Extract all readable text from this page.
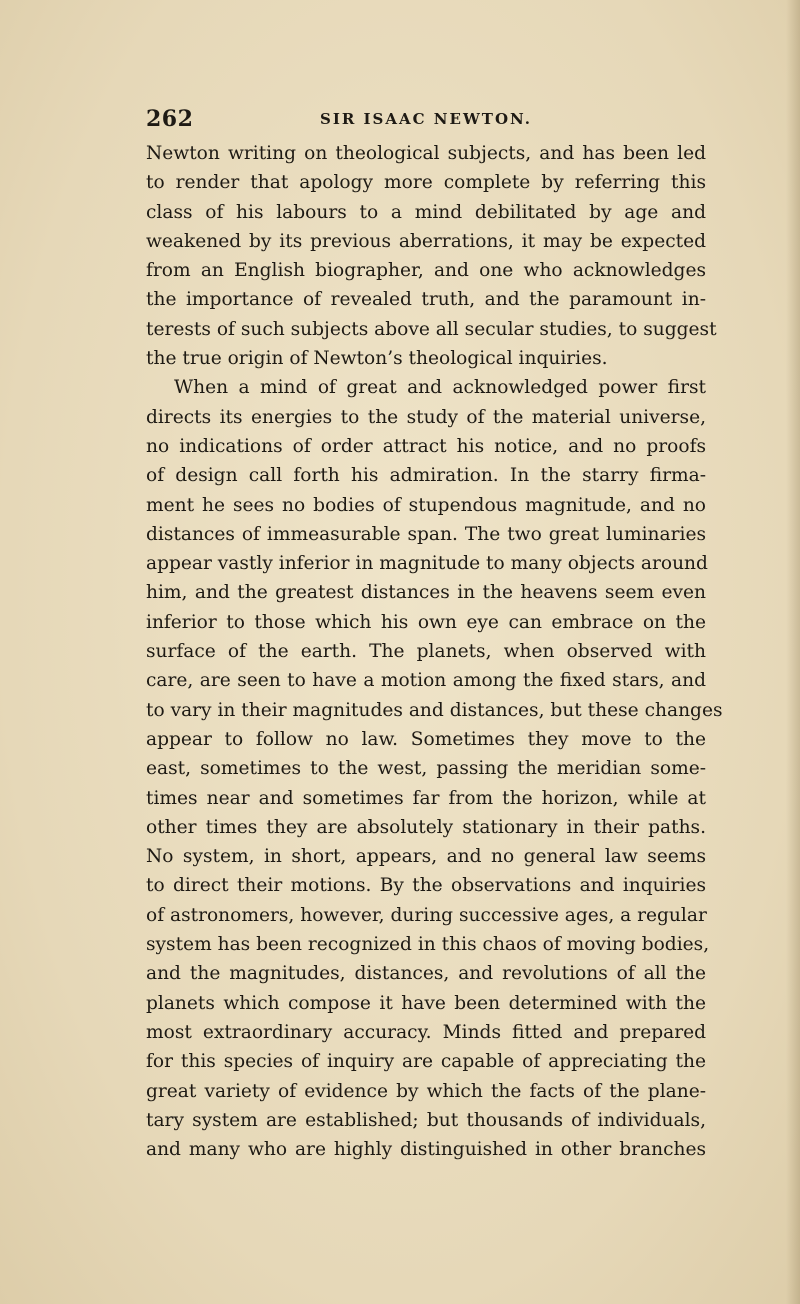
262	SIR ISAAC NEWTON.
Newton writing on theological subjects, and has been led
to render that apology more complete by referring this
class of his labours to a mind debilitated by age and
weakened by its previous aberrations, it may be expected
from an English biographer, and one who acknowledges
the importance of revealed truth, and the paramount in-
terests of such subjects above all secular studies, to suggest
the true origin of Newton’s theological inquiries.
When a mind of great and acknowledged power first
directs its energies to the study of the material universe,
no indications of order attract his notice, and no proofs
of design call forth his admiration. In the starry firma-
ment he sees no bodies of stupendous magnitude, and no
distances of immeasurable span. The two great luminaries
appear vastly inferior in magnitude to many objects around
him, and the greatest distances in the heavens seem even
inferior to those which his own eye can embrace on the
surface of the earth. The planets, when observed with
care, are seen to have a motion among the fixed stars, and
to vary in their magnitudes and distances, but these changes
appear to follow no law. Sometimes they move to the
east, sometimes to the west, passing the meridian some-
times near and sometimes far from the horizon, while at
other times they are absolutely stationary in their paths.
No system, in short, appears, and no general law seems
to direct their motions. By the observations and inquiries
of astronomers, however, during successive ages, a regular
system has been recognized in this chaos of moving bodies,
and the magnitudes, distances, and revolutions of all the
planets which compose it have been determined with the
most extraordinary accuracy. Minds fitted and prepared
for this species of inquiry are capable of appreciating the
great variety of evidence by which the facts of the plane-
tary system are established; but thousands of individuals,
and many who are highly distinguished in other branches
